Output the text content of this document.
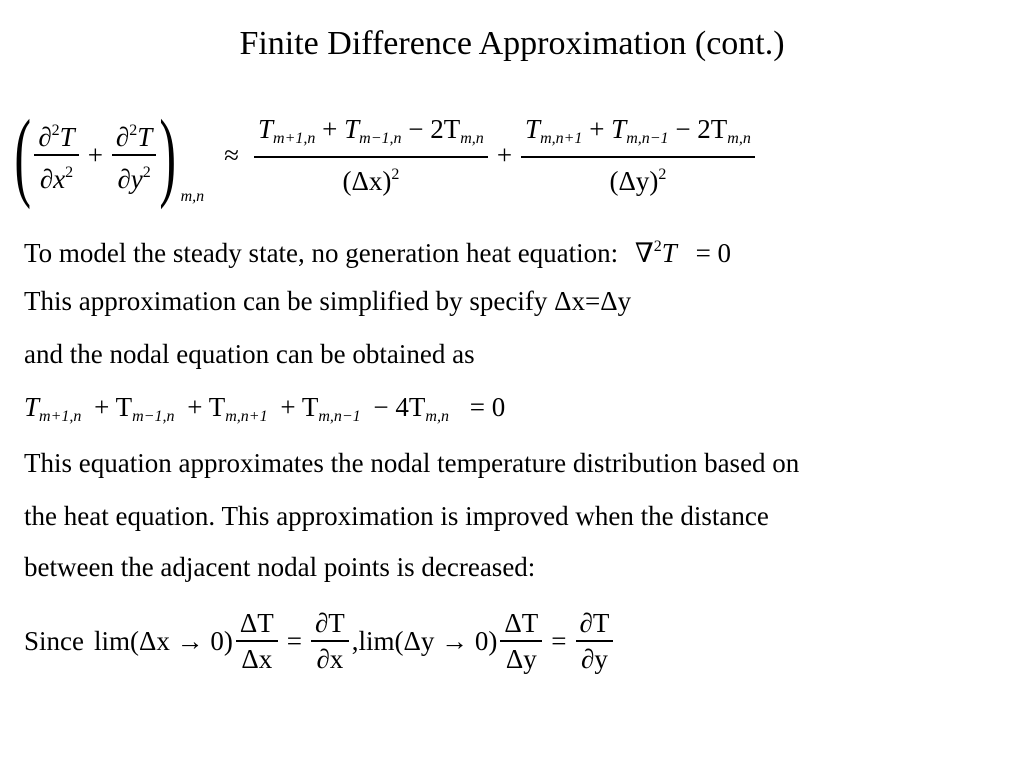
Finite Difference Approximation (cont.)
( $\frac{\partial^2T}{\partial x^2} + \frac{\partial^2T}{\partial y^2}$ ) m,n
≈ $\frac{T_{m+1,n} + T_{m-1,n} - 2T_{m,n}}{(\Delta x)^2} + \frac{T_{m,n+1} + T_{m,n-1} - 2T_{m,n}}{(\Delta y)^2}$
To model the steady state, no generation heat equation: ∇$^2$T = 0
This approximation can be simplified by specify Δx=Δy
and the nodal equation can be obtained as
$T_{m+1,n} + T_{m-1,n} + T_{m,n+1} + T_{m,n-1} - 4T_{m,n} = 0$
This equation approximates the nodal temperature distribution based on
the heat equation. This approximation is improved when the distance
between the adjacent nodal points is decreased:
Since $\lim(\Delta x \to 0) \frac{\Delta T}{\Delta x} = \frac{\partial T}{\partial x}$ , $\lim(\Delta y \to 0) \frac{\Delta T}{\Delta y} = \frac{\partial T}{\partial y}$
